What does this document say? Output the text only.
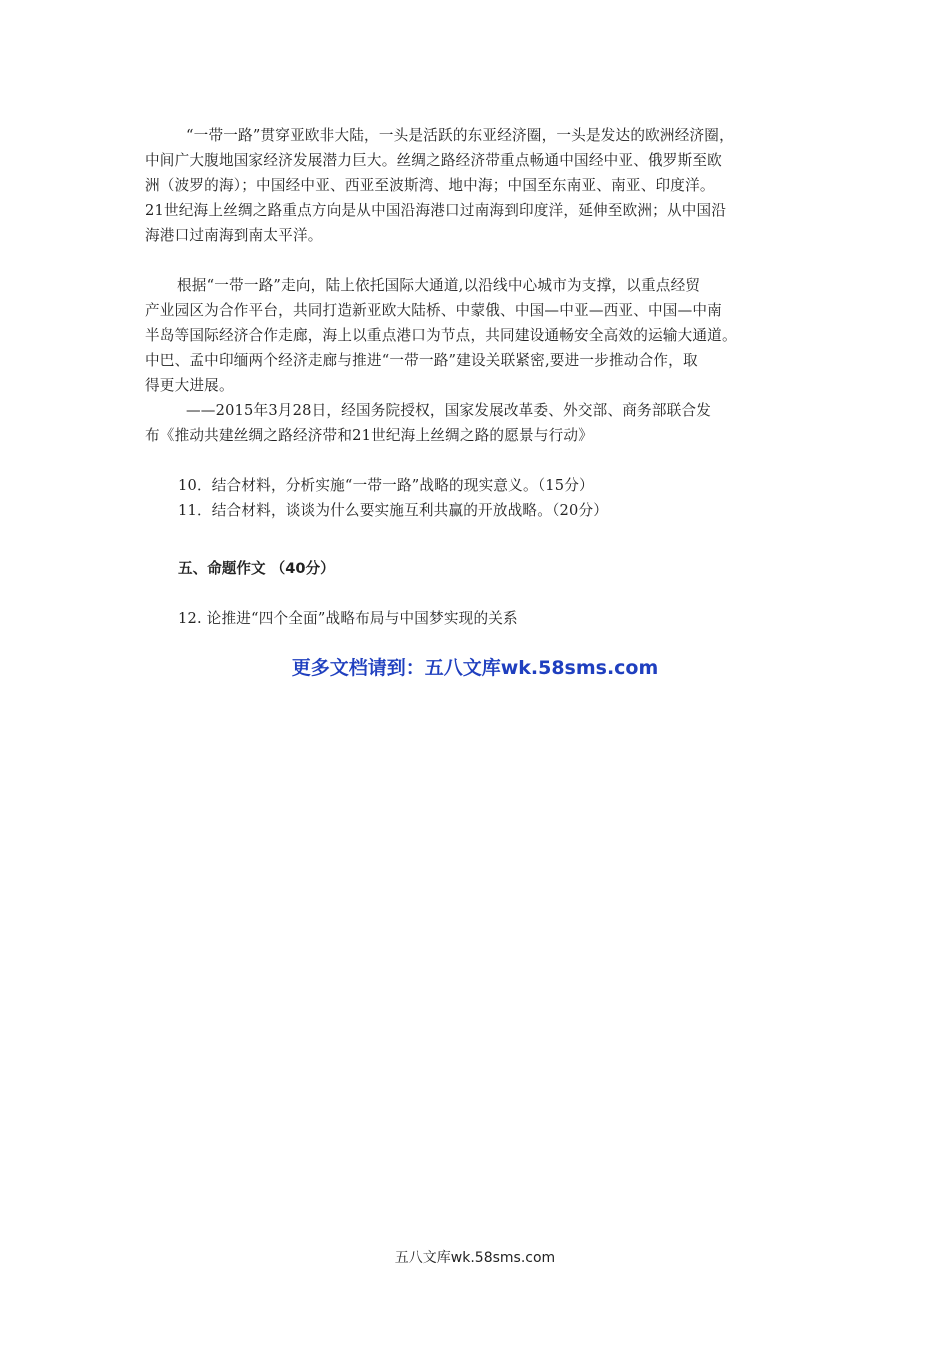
“一带一路”贯穿亚欧非大陆，一头是活跃的东亚经济圈，一头是发达的欧洲经济圈，
中间广大腹地国家经济发展潜力巨大。丝绸之路经济带重点畅通中国经中亚、俄罗斯至欧
洲（波罗的海）；中国经中亚、西亚至波斯湾、地中海；中国至东南亚、南亚、印度洋。
21世纪海上丝绸之路重点方向是从中国沿海港口过南海到印度洋，延伸至欧洲；从中国沿
海港口过南海到南太平洋。
根据“一带一路”走向，陆上依托国际大通道,以沿线中心城市为支撑，以重点经贸
产业园区为合作平台，共同打造新亚欧大陆桥、中蒙俄、中国—中亚—西亚、中国—中南
半岛等国际经济合作走廊，海上以重点港口为节点，共同建设通畅安全高效的运输大通道。
中巴、孟中印缅两个经济走廊与推进“一带一路”建设关联紧密,要进一步推动合作，取
得更大进展。
——2015年3月28日，经国务院授权，国家发展改革委、外交部、商务部联合发
布《推动共建丝绸之路经济带和21世纪海上丝绸之路的愿景与行动》
10．结合材料，分析实施“一带一路”战略的现实意义。（15分）
11．结合材料，谈谈为什么要实施互利共赢的开放战略。（20分）
五、命题作文 （40分）
12. 论推进“四个全面”战略布局与中国梦实现的关系
更多文档请到：五八文库wk.58sms.com
五八文库wk.58sms.com
